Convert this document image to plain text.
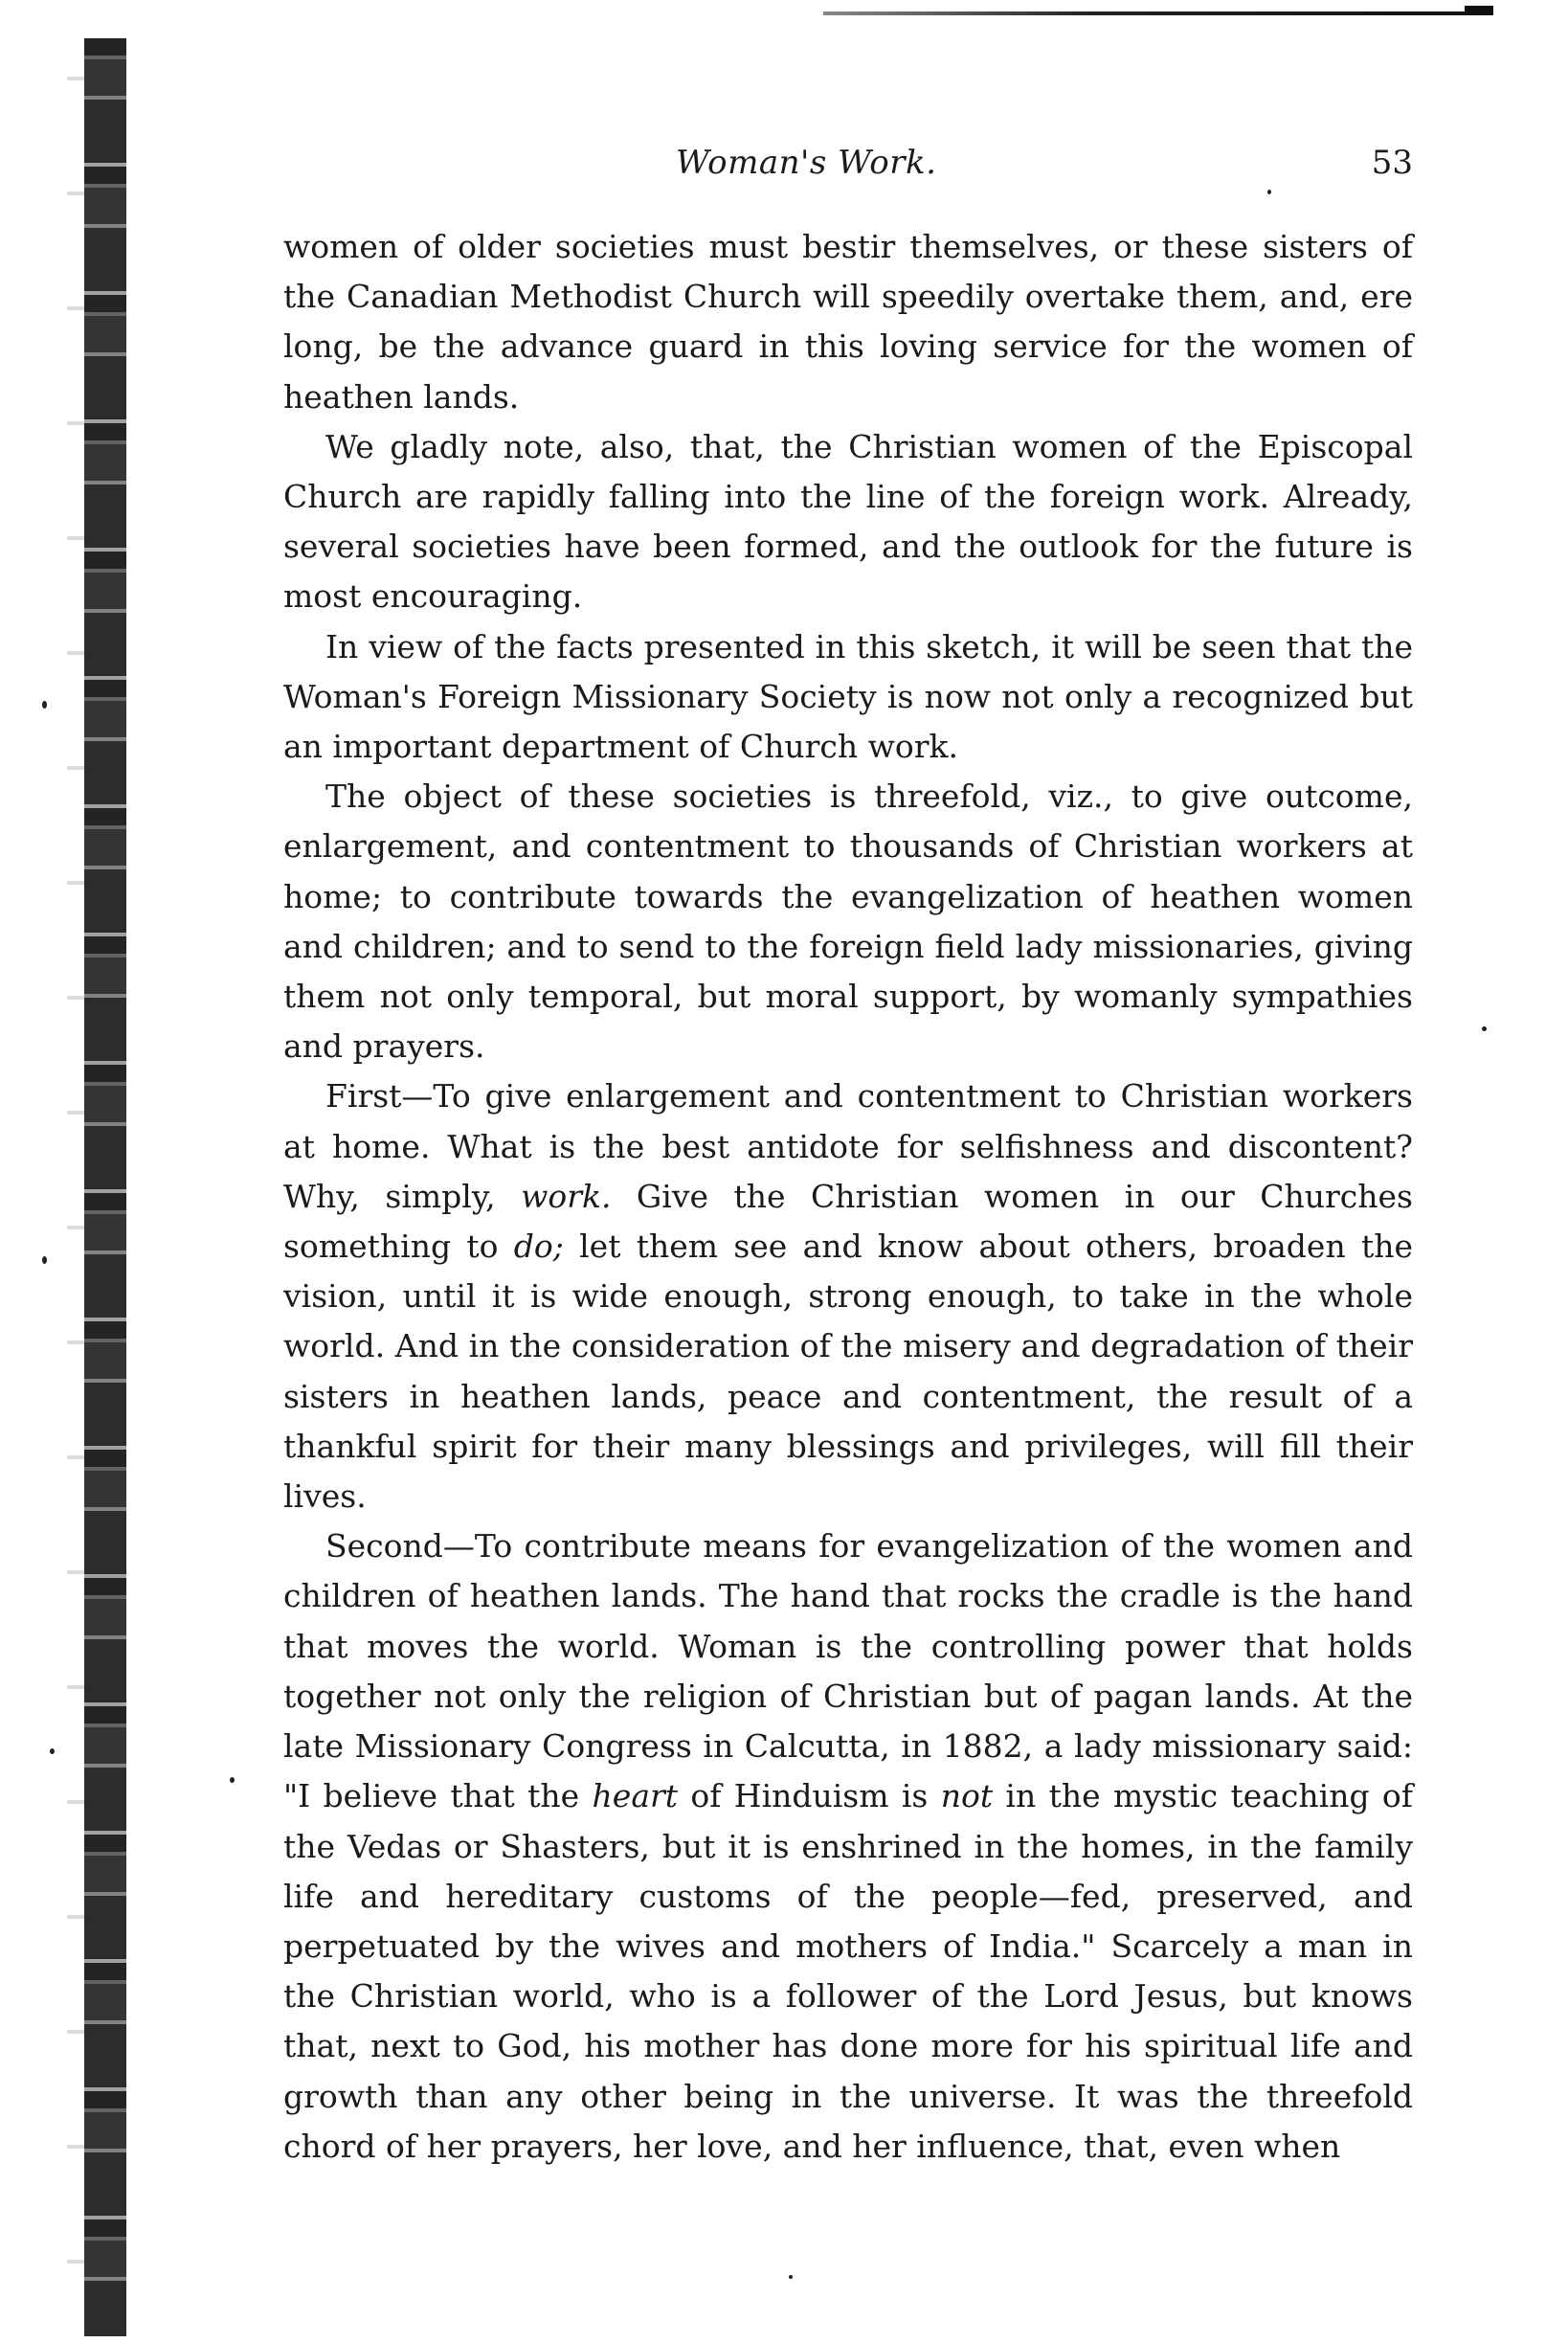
Woman's Work.	53

women of older societies must bestir themselves, or these sisters of the Canadian Methodist Church will speedily overtake them, and, ere long, be the advance guard in this loving service for the women of heathen lands.

We gladly note, also, that, the Christian women of the Episcopal Church are rapidly falling into the line of the foreign work. Already, several societies have been formed, and the outlook for the future is most encouraging.

In view of the facts presented in this sketch, it will be seen that the Woman's Foreign Missionary Society is now not only a recognized but an important department of Church work.

The object of these societies is threefold, viz., to give outcome, enlargement, and contentment to thousands of Christian workers at home; to contribute towards the evangelization of heathen women and children; and to send to the foreign field lady missionaries, giving them not only temporal, but moral support, by womanly sympathies and prayers.

First—To give enlargement and contentment to Christian workers at home. What is the best antidote for selfishness and discontent? Why, simply, work. Give the Christian women in our Churches something to do; let them see and know about others, broaden the vision, until it is wide enough, strong enough, to take in the whole world. And in the consideration of the misery and degradation of their sisters in heathen lands, peace and contentment, the result of a thankful spirit for their many blessings and privileges, will fill their lives.

Second—To contribute means for evangelization of the women and children of heathen lands. The hand that rocks the cradle is the hand that moves the world. Woman is the controlling power that holds together not only the religion of Christian but of pagan lands. At the late Missionary Congress in Calcutta, in 1882, a lady missionary said: "I believe that the heart of Hinduism is not in the mystic teaching of the Vedas or Shasters, but it is enshrined in the homes, in the family life and hereditary customs of the people—fed, preserved, and perpetuated by the wives and mothers of India." Scarcely a man in the Christian world, who is a follower of the Lord Jesus, but knows that, next to God, his mother has done more for his spiritual life and growth than any other being in the universe. It was the threefold chord of her prayers, her love, and her influence, that, even when
